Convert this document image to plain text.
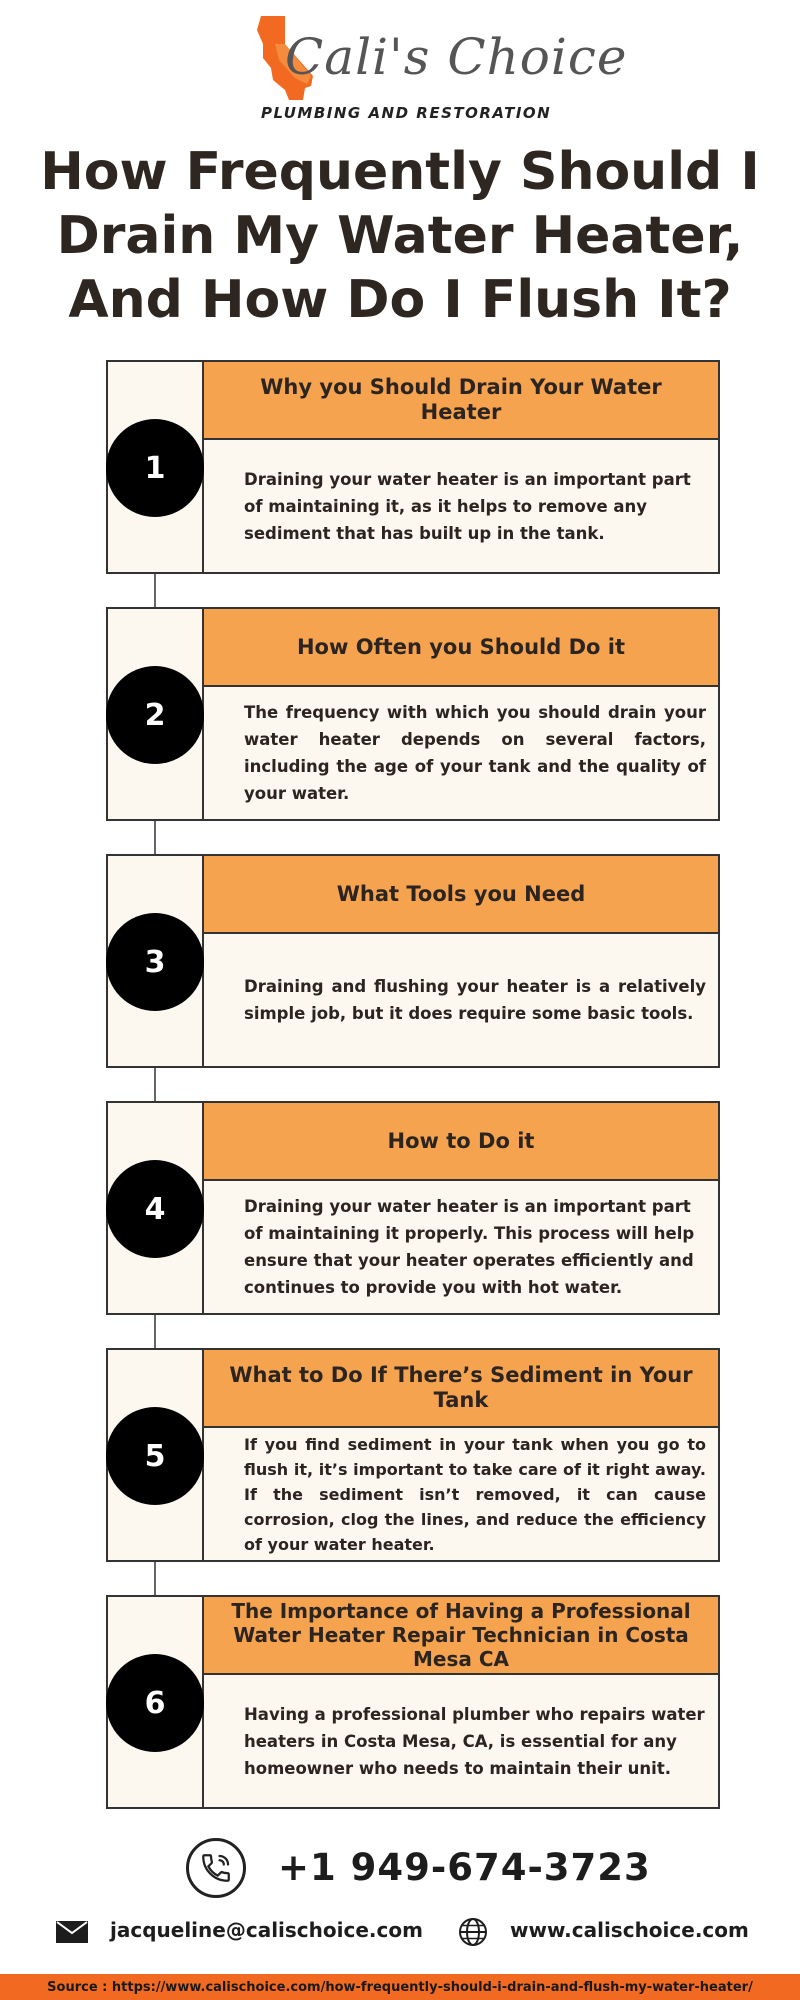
Cali's Choice
PLUMBING AND RESTORATION
How Frequently Should I
Drain My Water Heater,
And How Do I Flush It?
Why you Should Drain Your Water Heater
Draining your water heater is an important part of maintaining it, as it helps to remove any sediment that has built up in the tank.
1
How Often you Should Do it
The frequency with which you should drain your water heater depends on several factors, including the age of your tank and the quality of your water.
2
What Tools you Need
Draining and flushing your heater is a relatively simple job, but it does require some basic tools.
3
How to Do it
Draining your water heater is an important part of maintaining it properly. This process will help ensure that your heater operates efficiently and continues to provide you with hot water.
4
What to Do If There’s Sediment in Your Tank
If you find sediment in your tank when you go to flush it, it’s important to take care of it right away. If the sediment isn’t removed, it can cause corrosion, clog the lines, and reduce the efficiency of your water heater.
5
The Importance of Having a Professional Water Heater Repair Technician in Costa Mesa CA
Having a professional plumber who repairs water heaters in Costa Mesa, CA, is essential for any homeowner who needs to maintain their unit.
6
+1 949-674-3723
jacqueline@calischoice.com	www.calischoice.com
Source : https://www.calischoice.com/how-frequently-should-i-drain-and-flush-my-water-heater/
